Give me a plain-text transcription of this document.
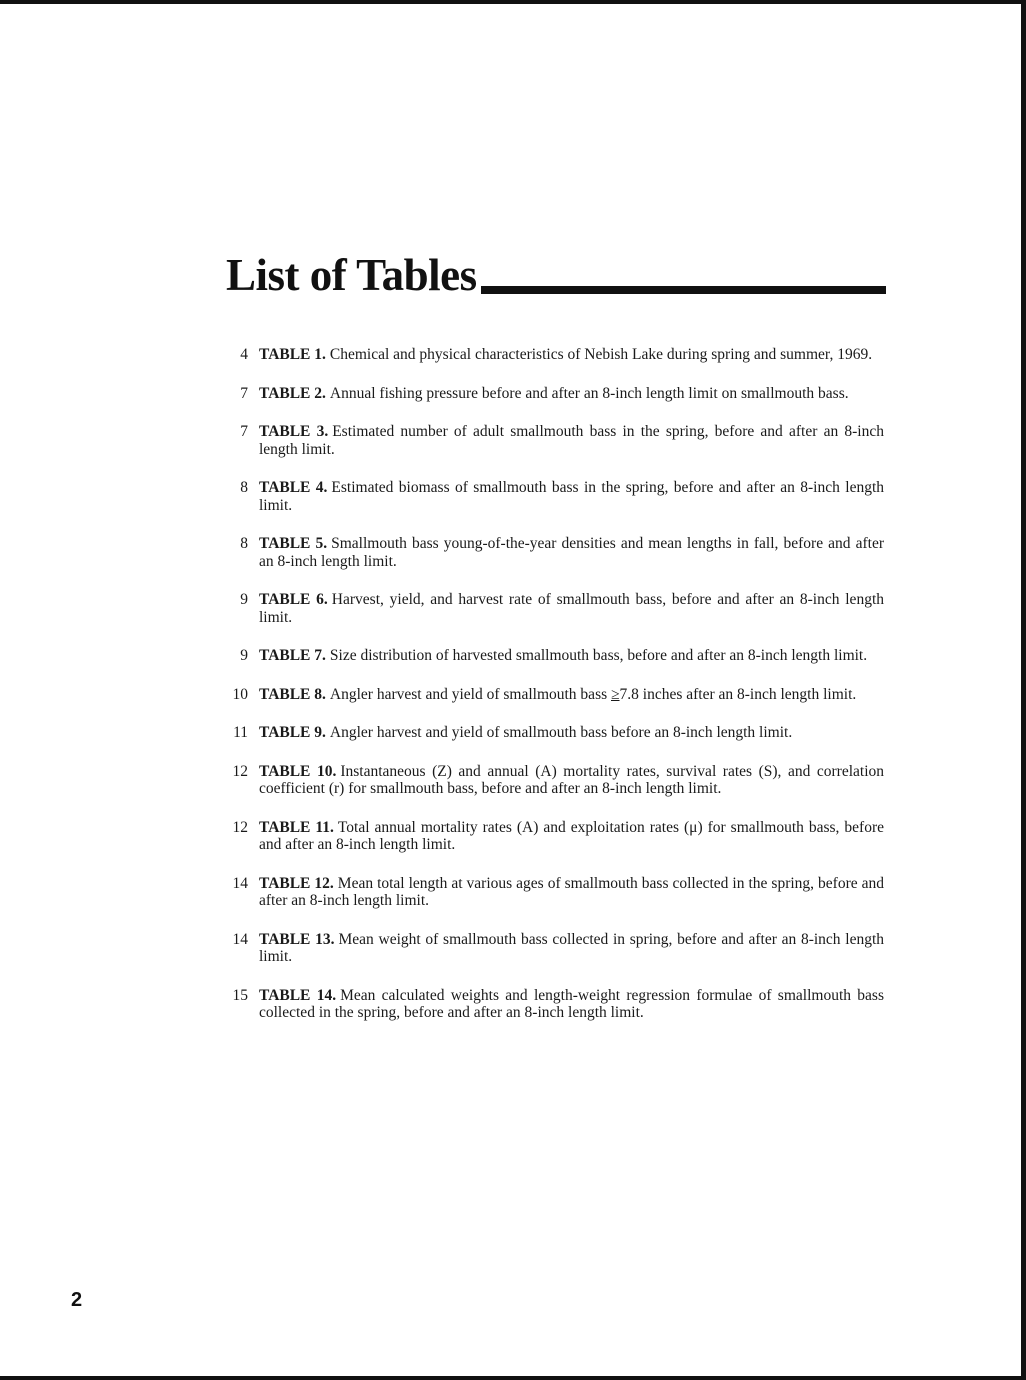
List of Tables
4 TABLE 1. Chemical and physical characteristics of Nebish Lake during spring and summer, 1969.
7 TABLE 2. Annual fishing pressure before and after an 8-inch length limit on smallmouth bass.
7 TABLE 3. Estimated number of adult smallmouth bass in the spring, before and after an 8-inch length limit.
8 TABLE 4. Estimated biomass of smallmouth bass in the spring, before and after an 8-inch length limit.
8 TABLE 5. Smallmouth bass young-of-the-year densities and mean lengths in fall, before and after an 8-inch length limit.
9 TABLE 6. Harvest, yield, and harvest rate of smallmouth bass, before and after an 8-inch length limit.
9 TABLE 7. Size distribution of harvested smallmouth bass, before and after an 8-inch length limit.
10 TABLE 8. Angler harvest and yield of smallmouth bass ≥7.8 inches after an 8-inch length limit.
11 TABLE 9. Angler harvest and yield of smallmouth bass before an 8-inch length limit.
12 TABLE 10. Instantaneous (Z) and annual (A) mortality rates, survival rates (S), and correlation coefficient (r) for smallmouth bass, before and after an 8-inch length limit.
12 TABLE 11. Total annual mortality rates (A) and exploitation rates (μ) for smallmouth bass, before and after an 8-inch length limit.
14 TABLE 12. Mean total length at various ages of smallmouth bass collected in the spring, before and after an 8-inch length limit.
14 TABLE 13. Mean weight of smallmouth bass collected in spring, before and after an 8-inch length limit.
15 TABLE 14. Mean calculated weights and length-weight regression formulae of smallmouth bass collected in the spring, before and after an 8-inch length limit.
2
